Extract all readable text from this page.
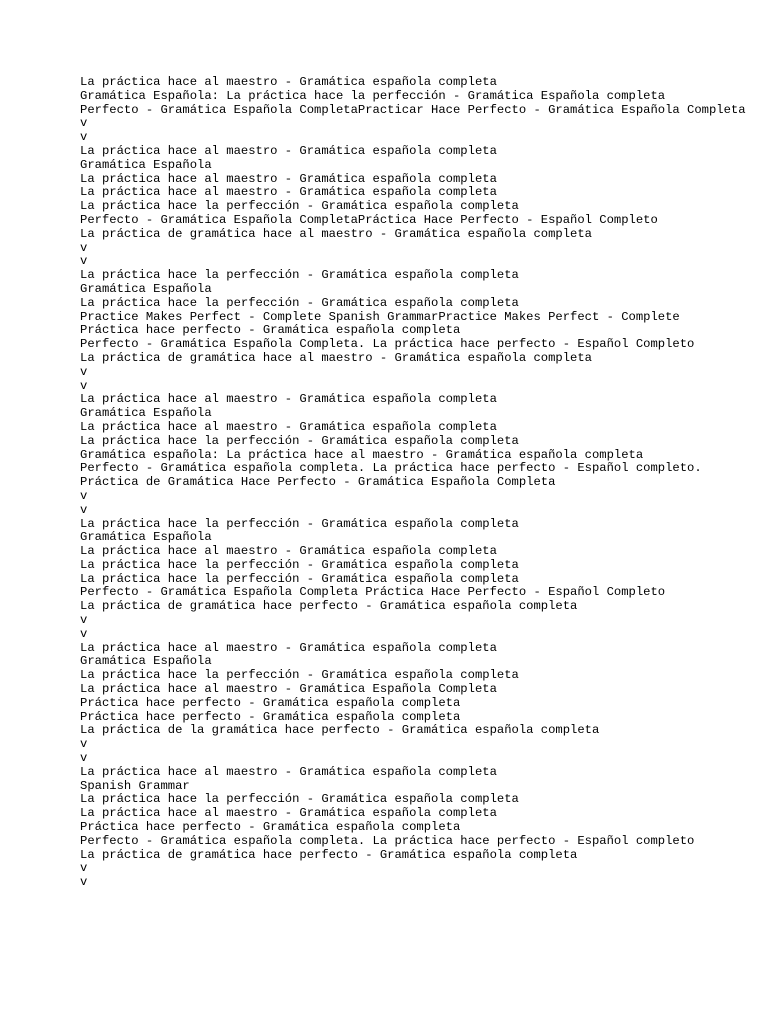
La práctica hace al maestro - Gramática española completa
Gramática Española: La práctica hace la perfección - Gramática Española completa
Perfecto - Gramática Española CompletaPracticar Hace Perfecto - Gramática Española Completa
v
v
La práctica hace al maestro - Gramática española completa
Gramática Española
La práctica hace al maestro - Gramática española completa
La práctica hace al maestro - Gramática española completa
La práctica hace la perfección - Gramática española completa
Perfecto - Gramática Española CompletaPráctica Hace Perfecto - Español Completo
La práctica de gramática hace al maestro - Gramática española completa
v
v
La práctica hace la perfección - Gramática española completa
Gramática Española
La práctica hace la perfección - Gramática española completa
Practice Makes Perfect - Complete Spanish GrammarPractice Makes Perfect - Complete
Práctica hace perfecto - Gramática española completa
Perfecto - Gramática Española Completa. La práctica hace perfecto - Español Completo
La práctica de gramática hace al maestro - Gramática española completa
v
v
La práctica hace al maestro - Gramática española completa
Gramática Española
La práctica hace al maestro - Gramática española completa
La práctica hace la perfección - Gramática española completa
Gramática española: La práctica hace al maestro - Gramática española completa
Perfecto - Gramática española completa. La práctica hace perfecto - Español completo.
Práctica de Gramática Hace Perfecto - Gramática Española Completa
v
v
La práctica hace la perfección - Gramática española completa
Gramática Española
La práctica hace al maestro - Gramática española completa
La práctica hace la perfección - Gramática española completa
La práctica hace la perfección - Gramática española completa
Perfecto - Gramática Española Completa Práctica Hace Perfecto - Español Completo
La práctica de gramática hace perfecto - Gramática española completa
v
v
La práctica hace al maestro - Gramática española completa
Gramática Española
La práctica hace la perfección - Gramática española completa
La práctica hace al maestro - Gramática Española Completa
Práctica hace perfecto - Gramática española completa
Práctica hace perfecto - Gramática española completa
La práctica de la gramática hace perfecto - Gramática española completa
v
v
La práctica hace al maestro - Gramática española completa
Spanish Grammar
La práctica hace la perfección - Gramática española completa
La práctica hace al maestro - Gramática española completa
Práctica hace perfecto - Gramática española completa
Perfecto - Gramática española completa. La práctica hace perfecto - Español completo
La práctica de gramática hace perfecto - Gramática española completa
v
v
